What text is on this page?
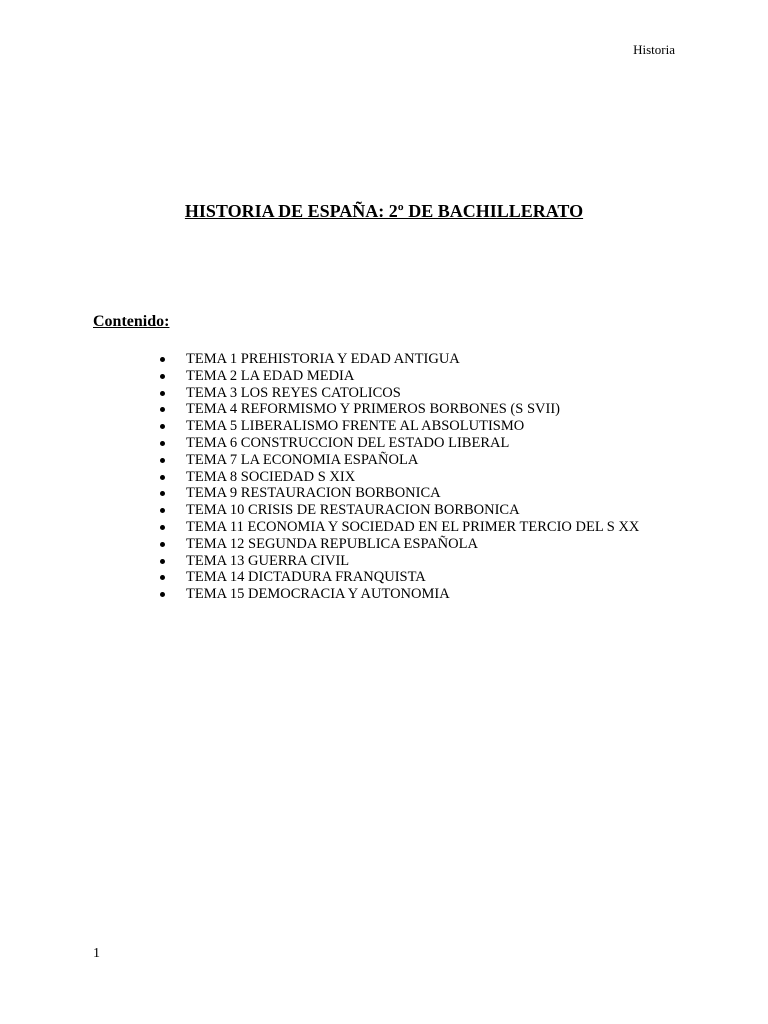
Historia
HISTORIA DE ESPAÑA: 2º DE BACHILLERATO
Contenido:
TEMA 1 PREHISTORIA Y EDAD ANTIGUA
TEMA 2 LA EDAD MEDIA
TEMA 3 LOS REYES CATOLICOS
TEMA 4 REFORMISMO Y PRIMEROS BORBONES (S SVII)
TEMA 5 LIBERALISMO FRENTE AL ABSOLUTISMO
TEMA 6 CONSTRUCCION DEL ESTADO LIBERAL
TEMA 7 LA ECONOMIA ESPAÑOLA
TEMA 8 SOCIEDAD S XIX
TEMA 9 RESTAURACION BORBONICA
TEMA 10 CRISIS DE RESTAURACION BORBONICA
TEMA 11 ECONOMIA Y SOCIEDAD EN EL PRIMER TERCIO DEL S XX
TEMA 12 SEGUNDA REPUBLICA ESPAÑOLA
TEMA 13 GUERRA CIVIL
TEMA 14 DICTADURA FRANQUISTA
TEMA 15 DEMOCRACIA Y AUTONOMIA
1
